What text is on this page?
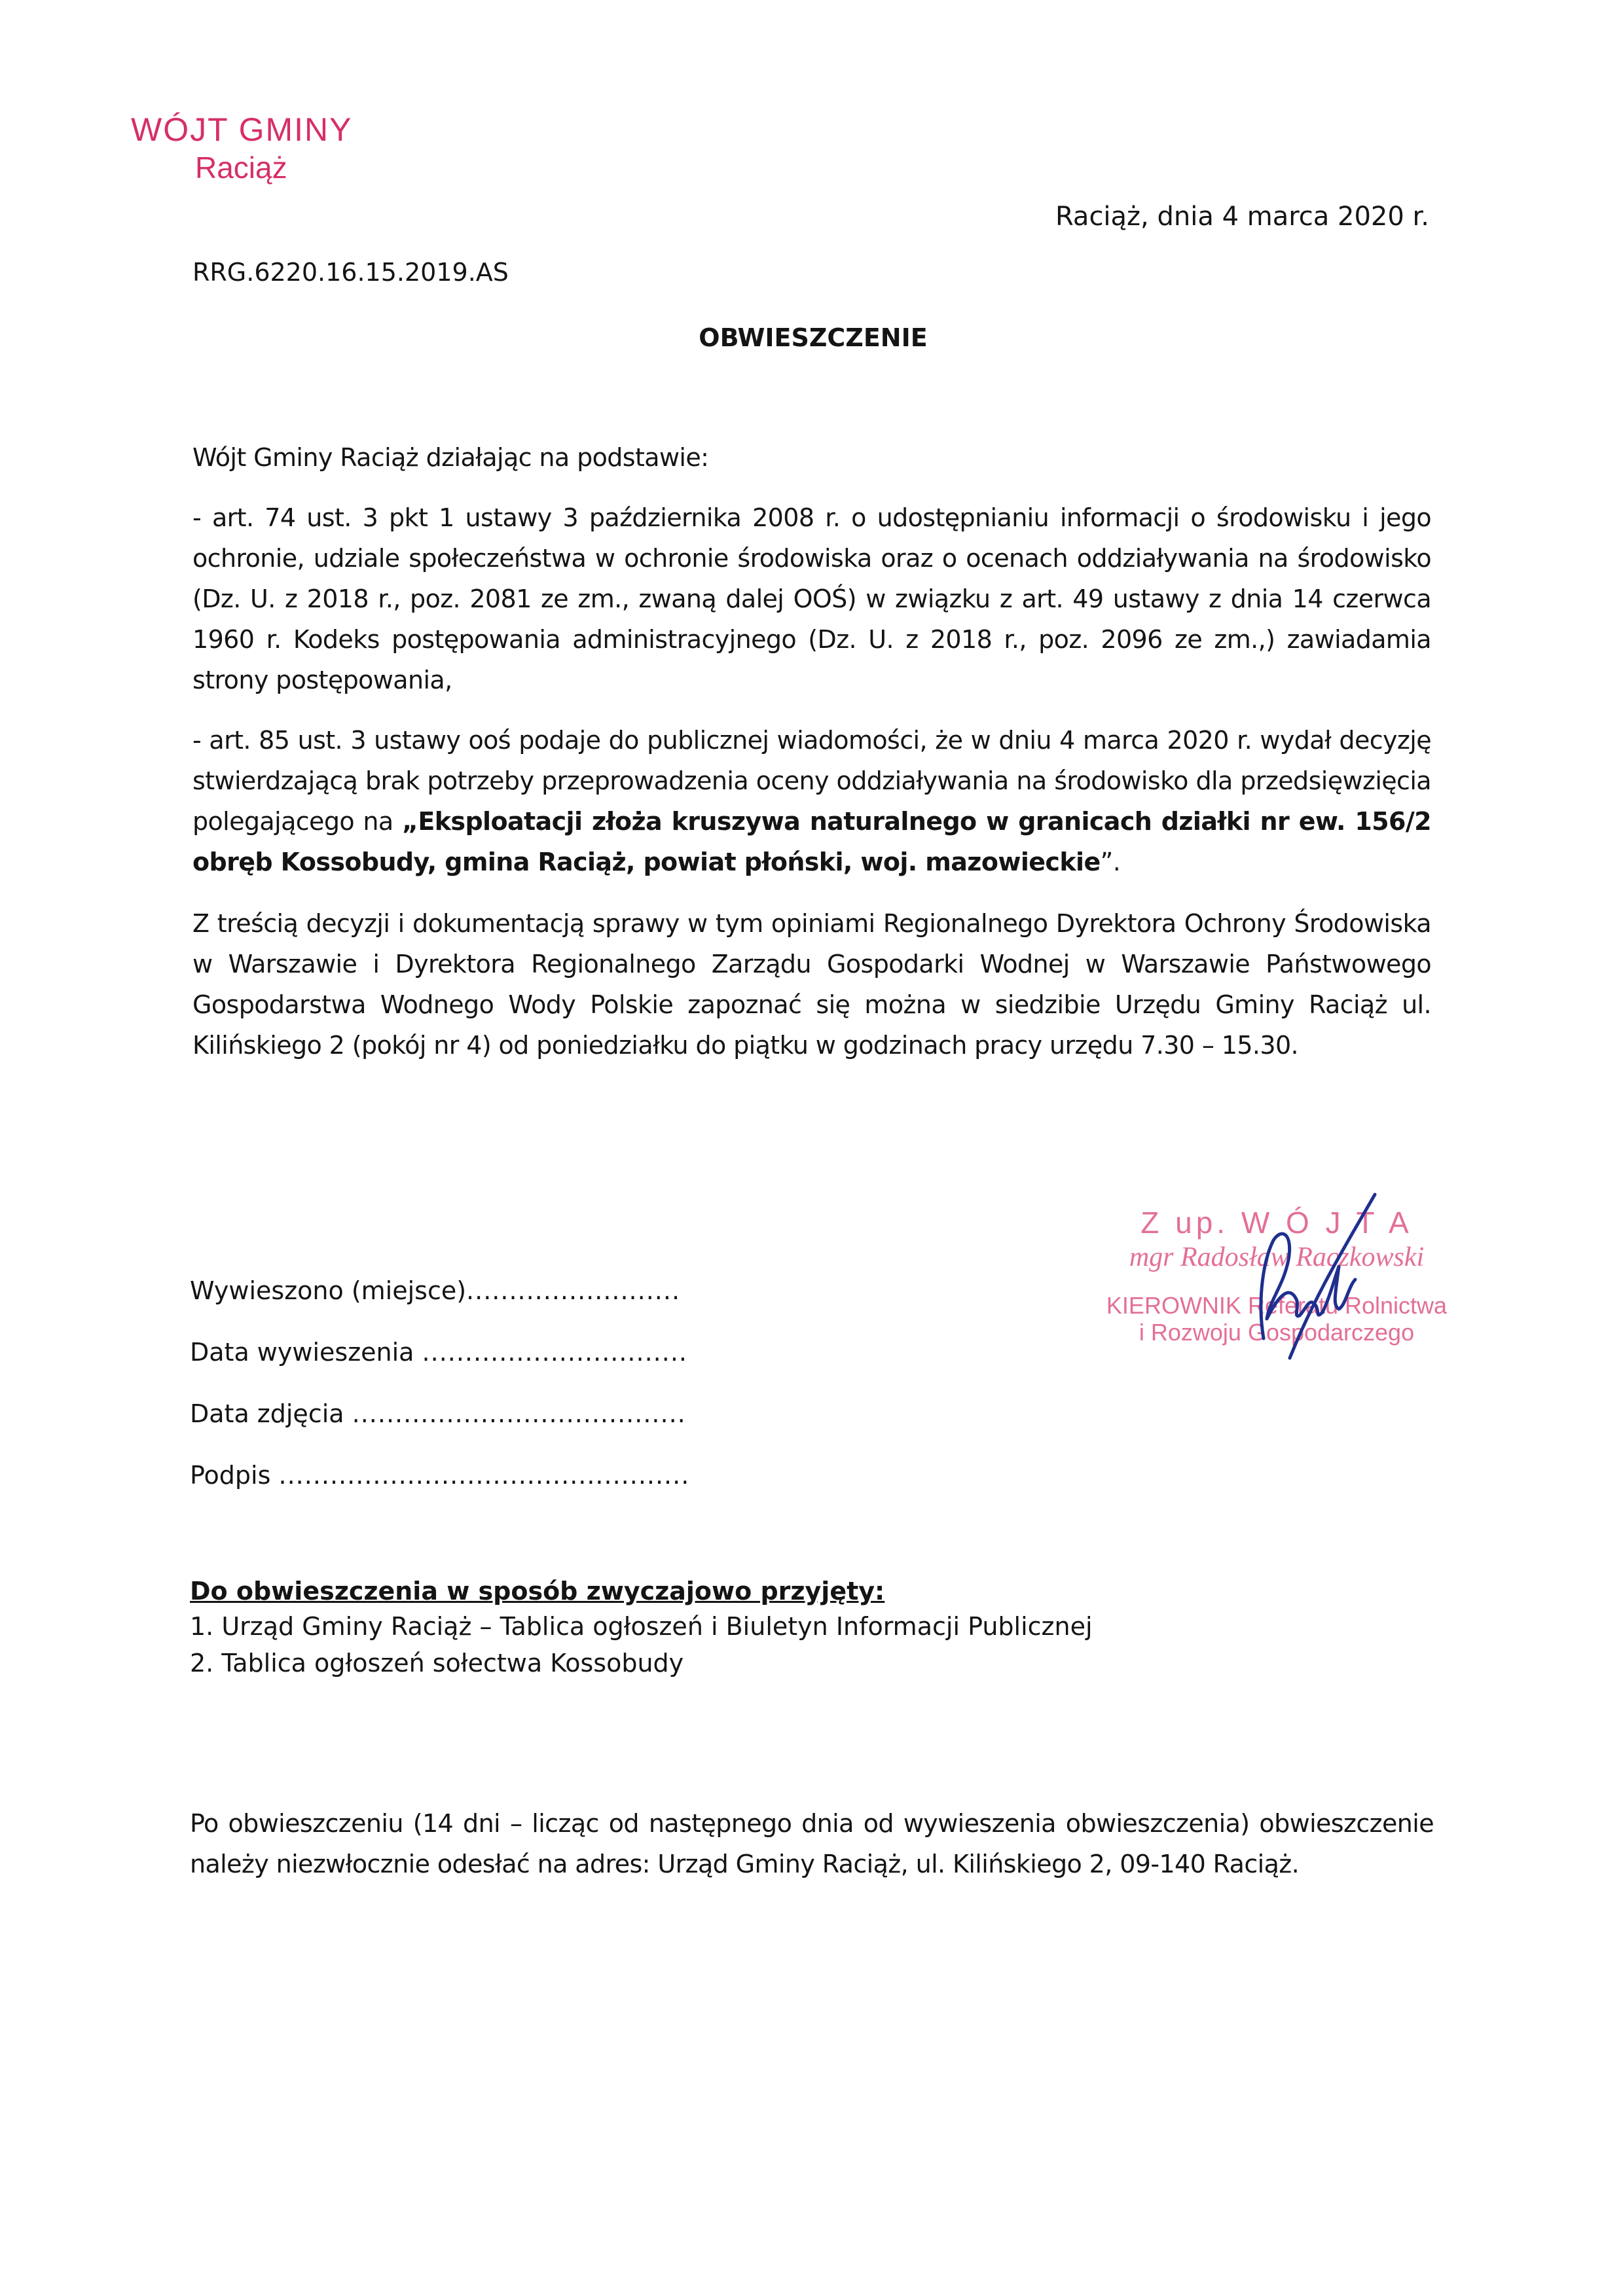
WÓJT GMINY
Raciąż
Raciąż, dnia 4 marca 2020 r.
RRG.6220.16.15.2019.AS
OBWIESZCZENIE

Wójt Gminy Raciąż działając na podstawie:

- art. 74 ust. 3 pkt 1 ustawy 3 października 2008 r. o udostępnianiu informacji o środowisku i jego ochronie, udziale społeczeństwa w ochronie środowiska oraz o ocenach oddziaływania na środowisko (Dz. U. z 2018 r., poz. 2081 ze zm., zwaną dalej OOŚ) w związku z art. 49 ustawy z dnia 14 czerwca 1960 r. Kodeks postępowania administracyjnego (Dz. U. z 2018 r., poz. 2096 ze zm.,) zawiadamia strony postępowania,

- art. 85 ust. 3 ustawy ooś podaje do publicznej wiadomości, że w dniu 4 marca 2020 r. wydał decyzję stwierdzającą brak potrzeby przeprowadzenia oceny oddziaływania na środowisko dla przedsięwzięcia polegającego na „Eksploatacji złoża kruszywa naturalnego w granicach działki nr ew. 156/2 obręb Kossobudy, gmina Raciąż, powiat płoński, woj. mazowieckie”.

Z treścią decyzji i dokumentacją sprawy w tym opiniami Regionalnego Dyrektora Ochrony Środowiska w Warszawie i Dyrektora Regionalnego Zarządu Gospodarki Wodnej w Warszawie Państwowego Gospodarstwa Wodnego Wody Polskie zapoznać się można w siedzibie Urzędu Gminy Raciąż ul. Kilińskiego 2 (pokój nr 4) od poniedziałku do piątku w godzinach pracy urzędu 7.30 – 15.30.

Wywieszono (miejsce).........................
Data wywieszenia ...............................
Data zdjęcia .......................................
Podpis ................................................
Z up. W Ó J T A
mgr Radosław Raczkowski
KIEROWNIK Referatu Rolnictwa
i Rozwoju Gospodarczego
Do obwieszczenia w sposób zwyczajowo przyjęty:
1. Urząd Gminy Raciąż – Tablica ogłoszeń i Biuletyn Informacji Publicznej
2. Tablica ogłoszeń sołectwa Kossobudy

Po obwieszczeniu (14 dni – licząc od następnego dnia od wywieszenia obwieszczenia) obwieszczenie należy niezwłocznie odesłać na adres: Urząd Gminy Raciąż, ul. Kilińskiego 2, 09-140 Raciąż.
